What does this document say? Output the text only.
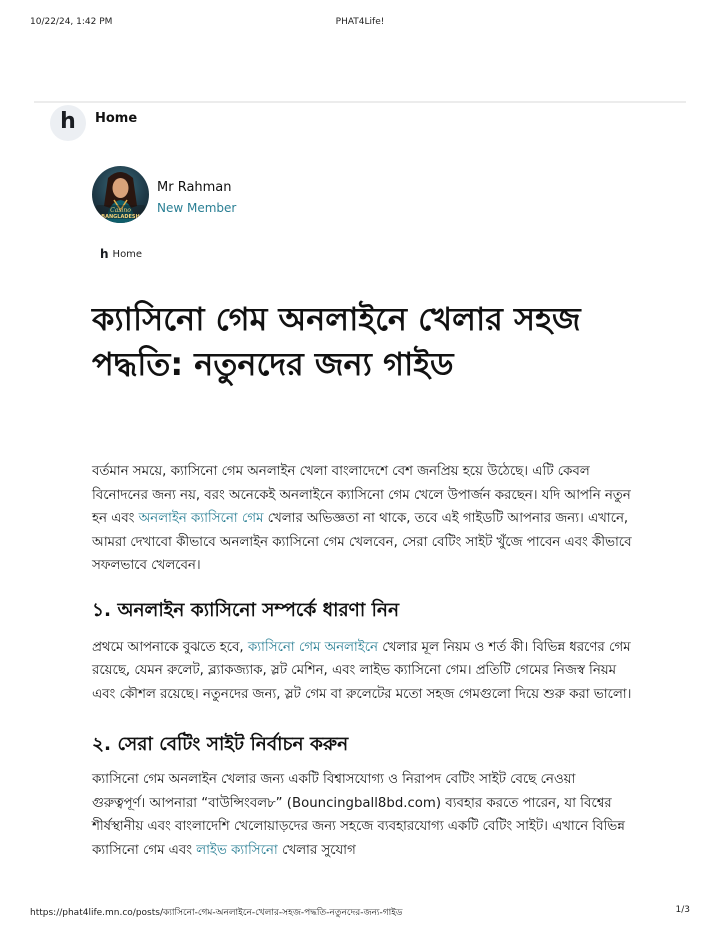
10/22/24, 1:42 PM	PHAT4Life!
h Home
Casino
BANGLADESH
Mr Rahman
New Member
h Home
ক্যাসিনো গেম অনলাইনে খেলার সহজ পদ্ধতি: নতুনদের জন্য গাইড

বর্তমান সময়ে, ক্যাসিনো গেম অনলাইন খেলা বাংলাদেশে বেশ জনপ্রিয় হয়ে উঠেছে। এটি কেবল বিনোদনের জন্য নয়, বরং অনেকেই অনলাইনে ক্যাসিনো গেম খেলে উপার্জন করছেন। যদি আপনি নতুন হন এবং অনলাইন ক্যাসিনো গেম খেলার অভিজ্ঞতা না থাকে, তবে এই গাইডটি আপনার জন্য। এখানে, আমরা দেখাবো কীভাবে অনলাইন ক্যাসিনো গেম খেলবেন, সেরা বেটিং সাইট খুঁজে পাবেন এবং কীভাবে সফলভাবে খেলবেন।

১. অনলাইন ক্যাসিনো সম্পর্কে ধারণা নিন

প্রথমে আপনাকে বুঝতে হবে, ক্যাসিনো গেম অনলাইনে খেলার মূল নিয়ম ও শর্ত কী। বিভিন্ন ধরণের গেম রয়েছে, যেমন রুলেট, ব্ল্যাকজ্যাক, স্লট মেশিন, এবং লাইভ ক্যাসিনো গেম। প্রতিটি গেমের নিজস্ব নিয়ম এবং কৌশল রয়েছে। নতুনদের জন্য, স্লট গেম বা রুলেটের মতো সহজ গেমগুলো দিয়ে শুরু করা ভালো।

২. সেরা বেটিং সাইট নির্বাচন করুন

ক্যাসিনো গেম অনলাইন খেলার জন্য একটি বিশ্বাসযোগ্য ও নিরাপদ বেটিং সাইট বেছে নেওয়া গুরুত্বপূর্ণ। আপনারা “বাউন্সিংবল৮” (Bouncingball8bd.com) ব্যবহার করতে পারেন, যা বিশ্বের শীর্ষস্থানীয় এবং বাংলাদেশি খেলোয়াড়দের জন্য সহজে ব্যবহারযোগ্য একটি বেটিং সাইট। এখানে বিভিন্ন ক্যাসিনো গেম এবং লাইভ ক্যাসিনো খেলার সুযোগ

https://phat4life.mn.co/posts/ক্যাসিনো-গেম-অনলাইনে-খেলার-সহজ-পদ্ধতি-নতুনদের-জন্য-গাইড	1/3
